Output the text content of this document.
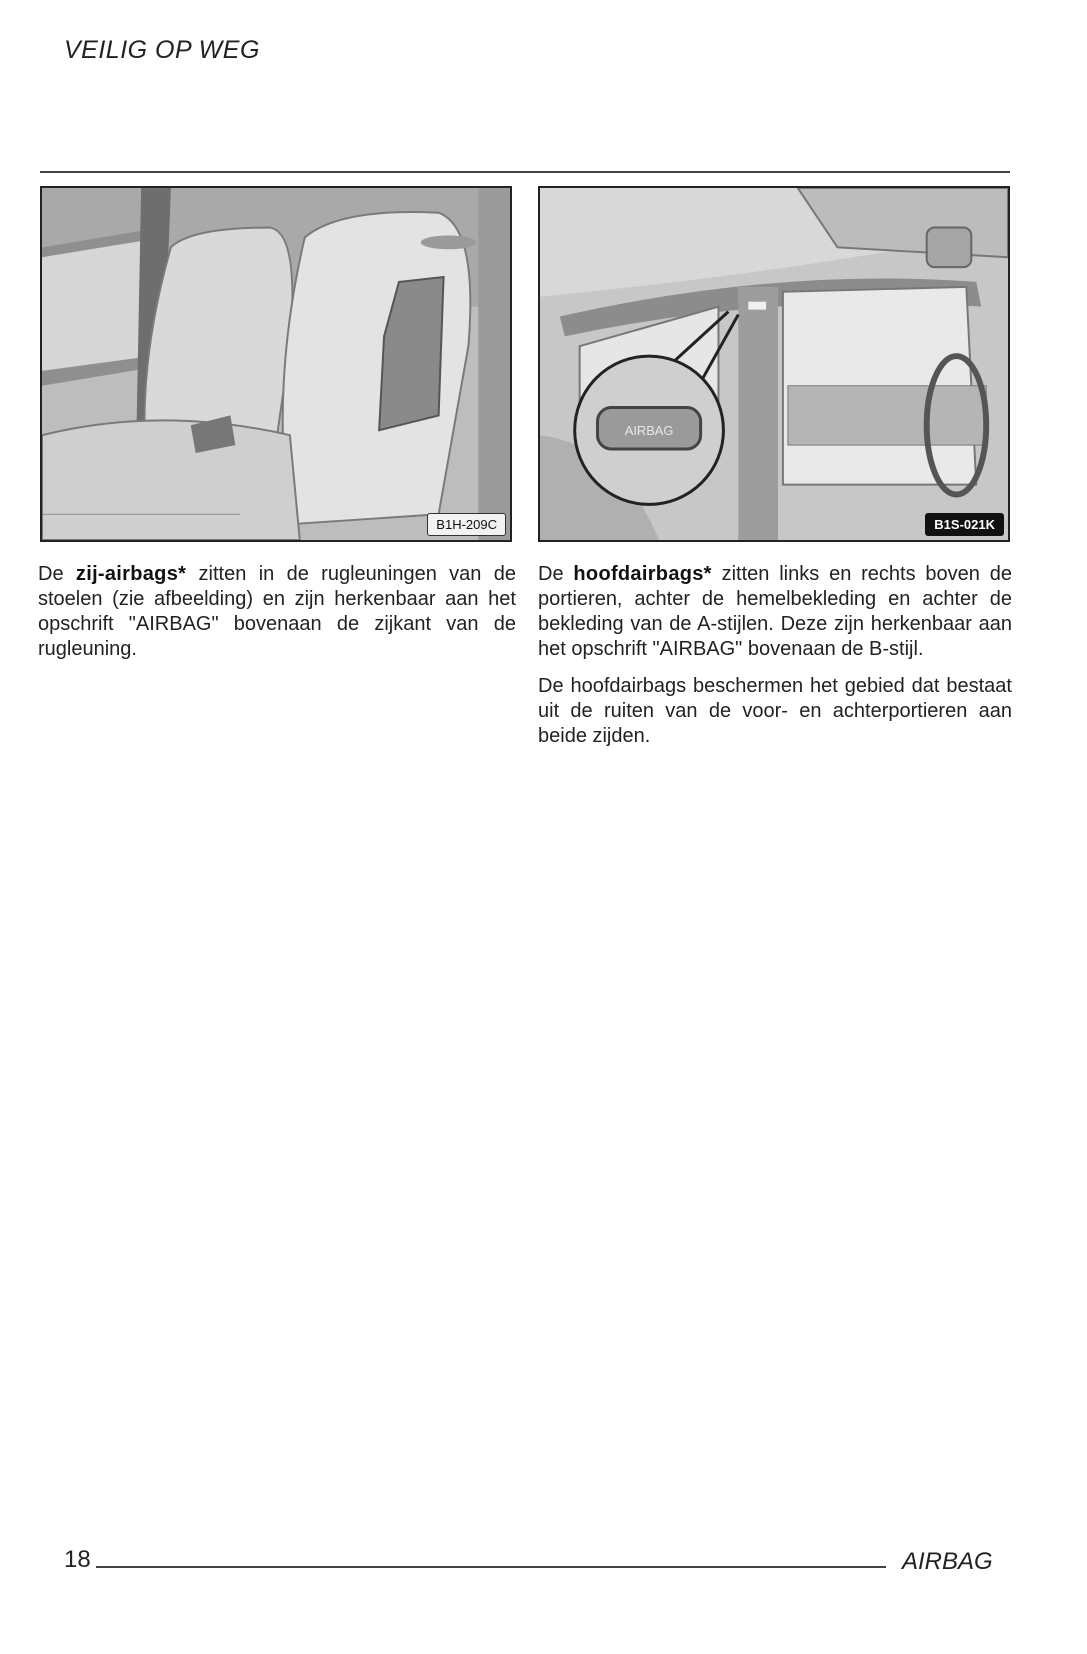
VEILIG OP WEG
B1H-209C
AIRBAG
B1S-021K

De zij-airbags* zitten in de rugleuningen van de stoelen (zie afbeelding) en zijn herkenbaar aan het opschrift "AIRBAG" bovenaan de zijkant van de rugleuning.

De hoofdairbags* zitten links en rechts boven de portieren, achter de hemelbekleding en achter de bekleding van de A-stijlen. Deze zijn herkenbaar aan het opschrift "AIRBAG" bovenaan de B-stijl.

De hoofdairbags beschermen het gebied dat bestaat uit de ruiten van de voor- en achterportieren aan beide zijden.

18	AIRBAG
